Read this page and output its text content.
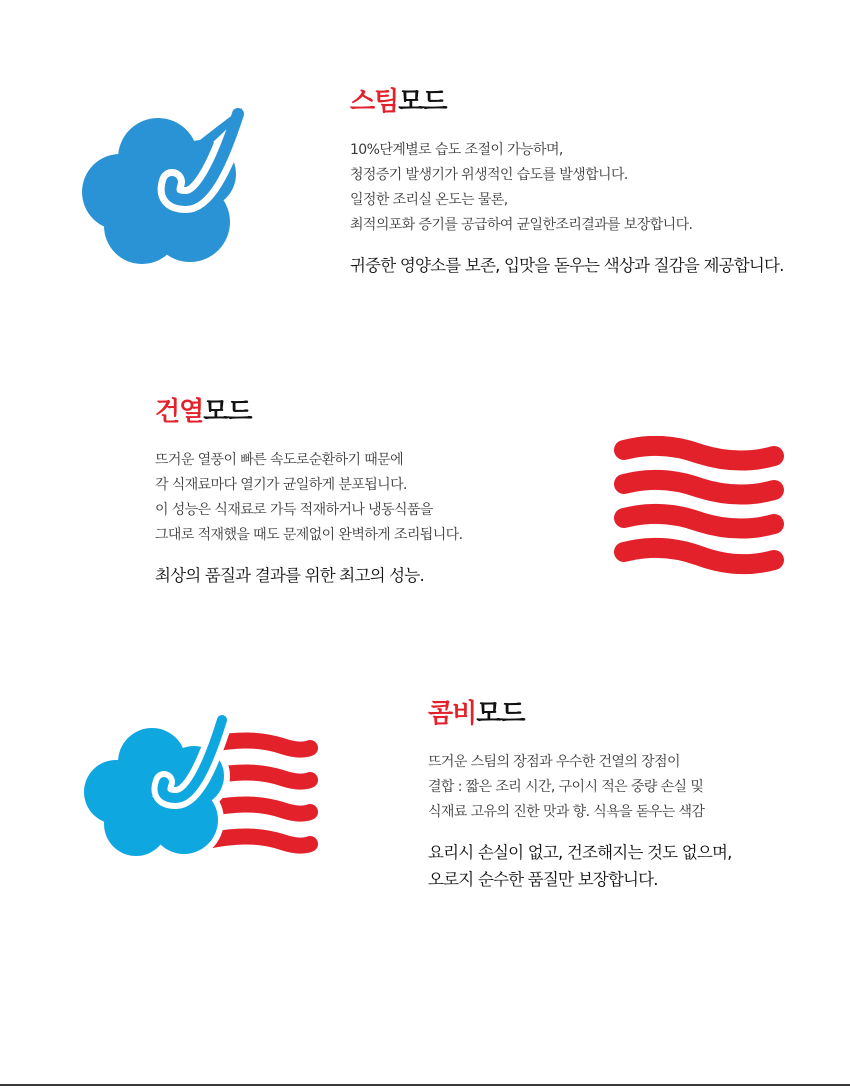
스팀모드
10%단계별로 습도 조절이 가능하며,
청정증기 발생기가 위생적인 습도를 발생합니다.
일정한 조리실 온도는 물론,
최적의포화 증기를 공급하여 균일한조리결과를 보장합니다.
귀중한 영양소를 보존, 입맛을 돋우는 색상과 질감을 제공합니다.
건열모드
뜨거운 열풍이 빠른 속도로순환하기 때문에
각 식재료마다 열기가 균일하게 분포됩니다.
이 성능은 식재료로 가득 적재하거나 냉동식품을
그대로 적재했을 때도 문제없이 완벽하게 조리됩니다.
최상의 품질과 결과를 위한 최고의 성능.
콤비모드
뜨거운 스팀의 장점과 우수한 건열의 장점이
결합 : 짧은 조리 시간, 구이시 적은 중량 손실 및
식재료 고유의 진한 맛과 향. 식욕을 돋우는 색감
요리시 손실이 없고, 건조해지는 것도 없으며,
오로지 순수한 품질만 보장합니다.
